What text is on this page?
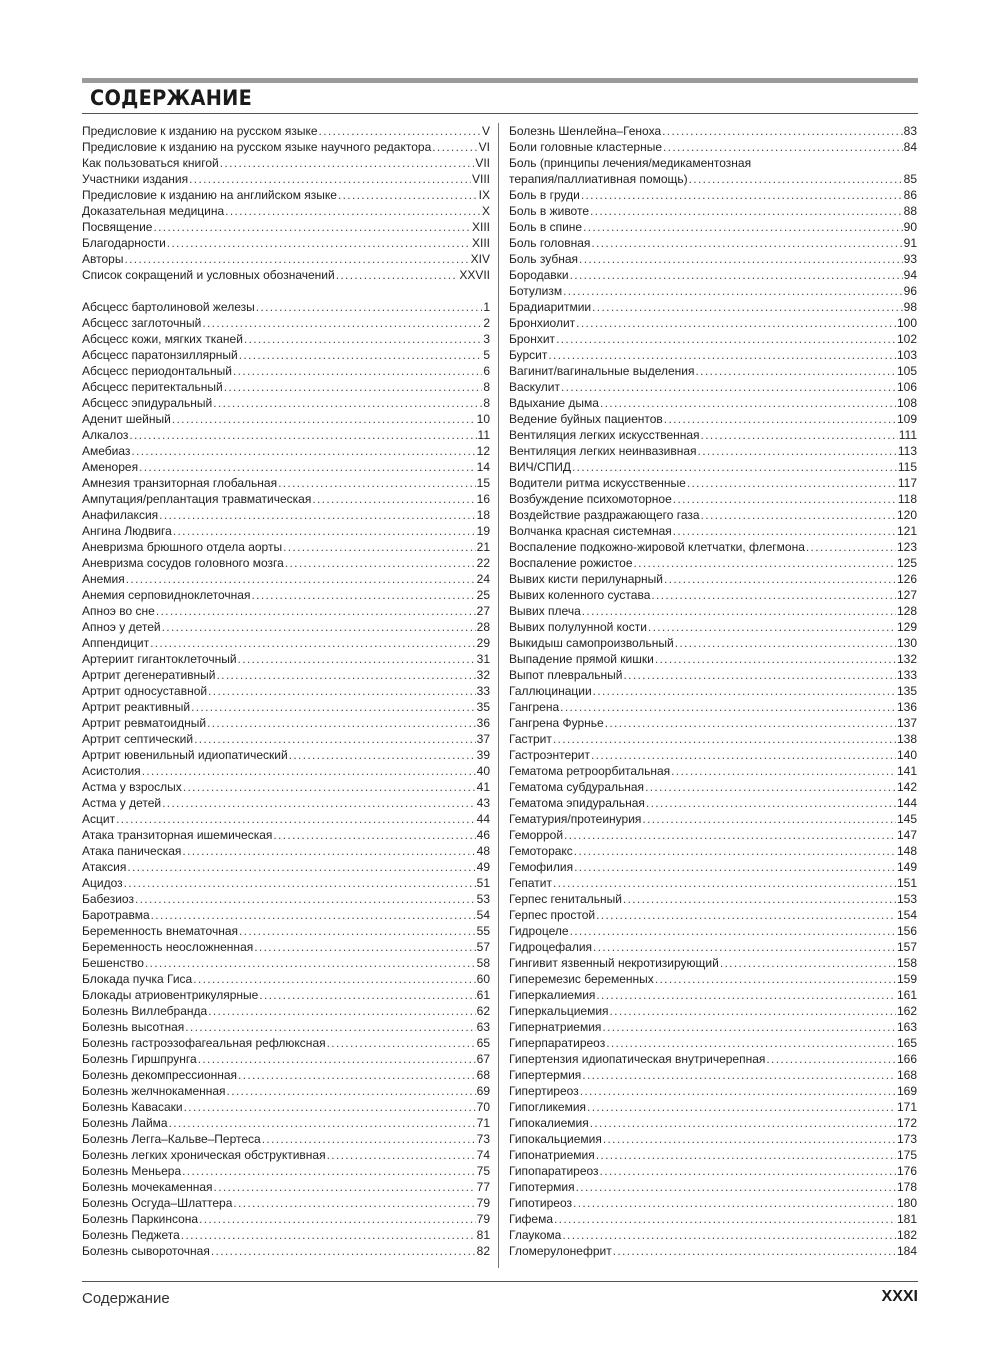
СОДЕРЖАНИЕ
Предисловие к изданию на русском языке . . .	V
Предисловие к изданию на русском языке научного редактора . . .	VI
Как пользоваться книгой . . .	VII
Участники издания . . .	VIII
Предисловие к изданию на английском языке . . .	IX
Доказательная медицина . . .	X
Посвящение . . .	XIII
Благодарности . . .	XIII
Авторы . . .	XIV
Список сокращений и условных обозначений . . .	XXVII
Абсцесс бартолиновой железы . . .	1
Абсцесс заглоточный . . .	2
Абсцесс кожи, мягких тканей . . .	3
Абсцесс паратонзиллярный . . .	5
Абсцесс периодонтальный . . .	6
Абсцесс перитектальный . . .	8
Абсцесс эпидуральный . . .	8
Аденит шейный . . .	10
Алкалоз . . .	11
Амебиаз . . .	12
Аменорея . . .	14
Амнезия транзиторная глобальная . . .	15
Ампутация/реплантация травматическая . . .	16
Анафилаксия . . .	18
Ангина Людвига . . .	19
Аневризма брюшного отдела аорты . . .	21
Аневризма сосудов головного мозга . . .	22
Анемия . . .	24
Анемия серповидноклеточная . . .	25
Апноэ во сне . . .	27
Апноэ у детей . . .	28
Аппендицит . . .	29
Артериит гигантоклеточный . . .	31
Артрит дегенеративный . . .	32
Артрит односуставной . . .	33
Артрит реактивный . . .	35
Артрит ревматоидный . . .	36
Артрит септический . . .	37
Артрит ювенильный идиопатический . . .	39
Асистолия . . .	40
Астма у взрослых . . .	41
Астма у детей . . .	43
Асцит . . .	44
Атака транзиторная ишемическая . . .	46
Атака паническая . . .	48
Атаксия . . .	49
Ацидоз . . .	51
Бабезиоз . . .	53
Баротравма . . .	54
Беременность внематочная . . .	55
Беременность неосложненная . . .	57
Бешенство . . .	58
Блокада пучка Гиса . . .	60
Блокады атриовентрикулярные . . .	61
Болезнь Виллебранда . . .	62
Болезнь высотная . . .	63
Болезнь гастроэзофагеальная рефлюксная . . .	65
Болезнь Гиршпрунга . . .	67
Болезнь декомпрессионная . . .	68
Болезнь желчнокаменная . . .	69
Болезнь Кавасаки . . .	70
Болезнь Лайма . . .	71
Болезнь Легга–Кальве–Пертеса . . .	73
Болезнь легких хроническая обструктивная . . .	74
Болезнь Меньера . . .	75
Болезнь мочекаменная . . .	77
Болезнь Осгуда–Шлаттера . . .	79
Болезнь Паркинсона . . .	79
Болезнь Педжета . . .	81
Болезнь сывороточная . . .	82
Болезнь Шенлейна–Геноха . . .	83
Боли головные кластерные . . .	84
Боль (принципы лечения/медикаментозная
терапия/паллиативная помощь) . . .	85
Боль в груди . . .	86
Боль в животе . . .	88
Боль в спине . . .	90
Боль головная . . .	91
Боль зубная . . .	93
Бородавки . . .	94
Ботулизм . . .	96
Брадиаритмии . . .	98
Бронхиолит . . .	100
Бронхит . . .	102
Бурсит . . .	103
Вагинит/вагинальные выделения . . .	105
Васкулит . . .	106
Вдыхание дыма . . .	108
Ведение буйных пациентов . . .	109
Вентиляция легких искусственная . . .	111
Вентиляция легких неинвазивная . . .	113
ВИЧ/СПИД . . .	115
Водители ритма искусственные . . .	117
Возбуждение психомоторное . . .	118
Воздействие раздражающего газа . . .	120
Волчанка красная системная . . .	121
Воспаление подкожно-жировой клетчатки, флегмона . . .	123
Воспаление рожистое . . .	125
Вывих кисти перилунарный . . .	126
Вывих коленного сустава . . .	127
Вывих плеча . . .	128
Вывих полулунной кости . . .	129
Выкидыш самопроизвольный . . .	130
Выпадение прямой кишки . . .	132
Выпот плевральный . . .	133
Галлюцинации . . .	135
Гангрена . . .	136
Гангрена Фурнье . . .	137
Гастрит . . .	138
Гастроэнтерит . . .	140
Гематома ретроорбитальная . . .	141
Гематома субдуральная . . .	142
Гематома эпидуральная . . .	144
Гематурия/протеинурия . . .	145
Геморрой . . .	147
Гемоторакс . . .	148
Гемофилия . . .	149
Гепатит . . .	151
Герпес генитальный . . .	153
Герпес простой . . .	154
Гидроцеле . . .	156
Гидроцефалия . . .	157
Гингивит язвенный некротизирующий . . .	158
Гиперемезис беременных . . .	159
Гиперкалиемия . . .	161
Гиперкальциемия . . .	162
Гипернатриемия . . .	163
Гиперпаратиреоз . . .	165
Гипертензия идиопатическая внутричерепная . . .	166
Гипертермия . . .	168
Гипертиреоз . . .	169
Гипогликемия . . .	171
Гипокалиемия . . .	172
Гипокальциемия . . .	173
Гипонатриемия . . .	175
Гипопаратиреоз . . .	176
Гипотермия . . .	178
Гипотиреоз . . .	180
Гифема . . .	181
Глаукома . . .	182
Гломерулонефрит . . .	184
Содержание	XXXI
